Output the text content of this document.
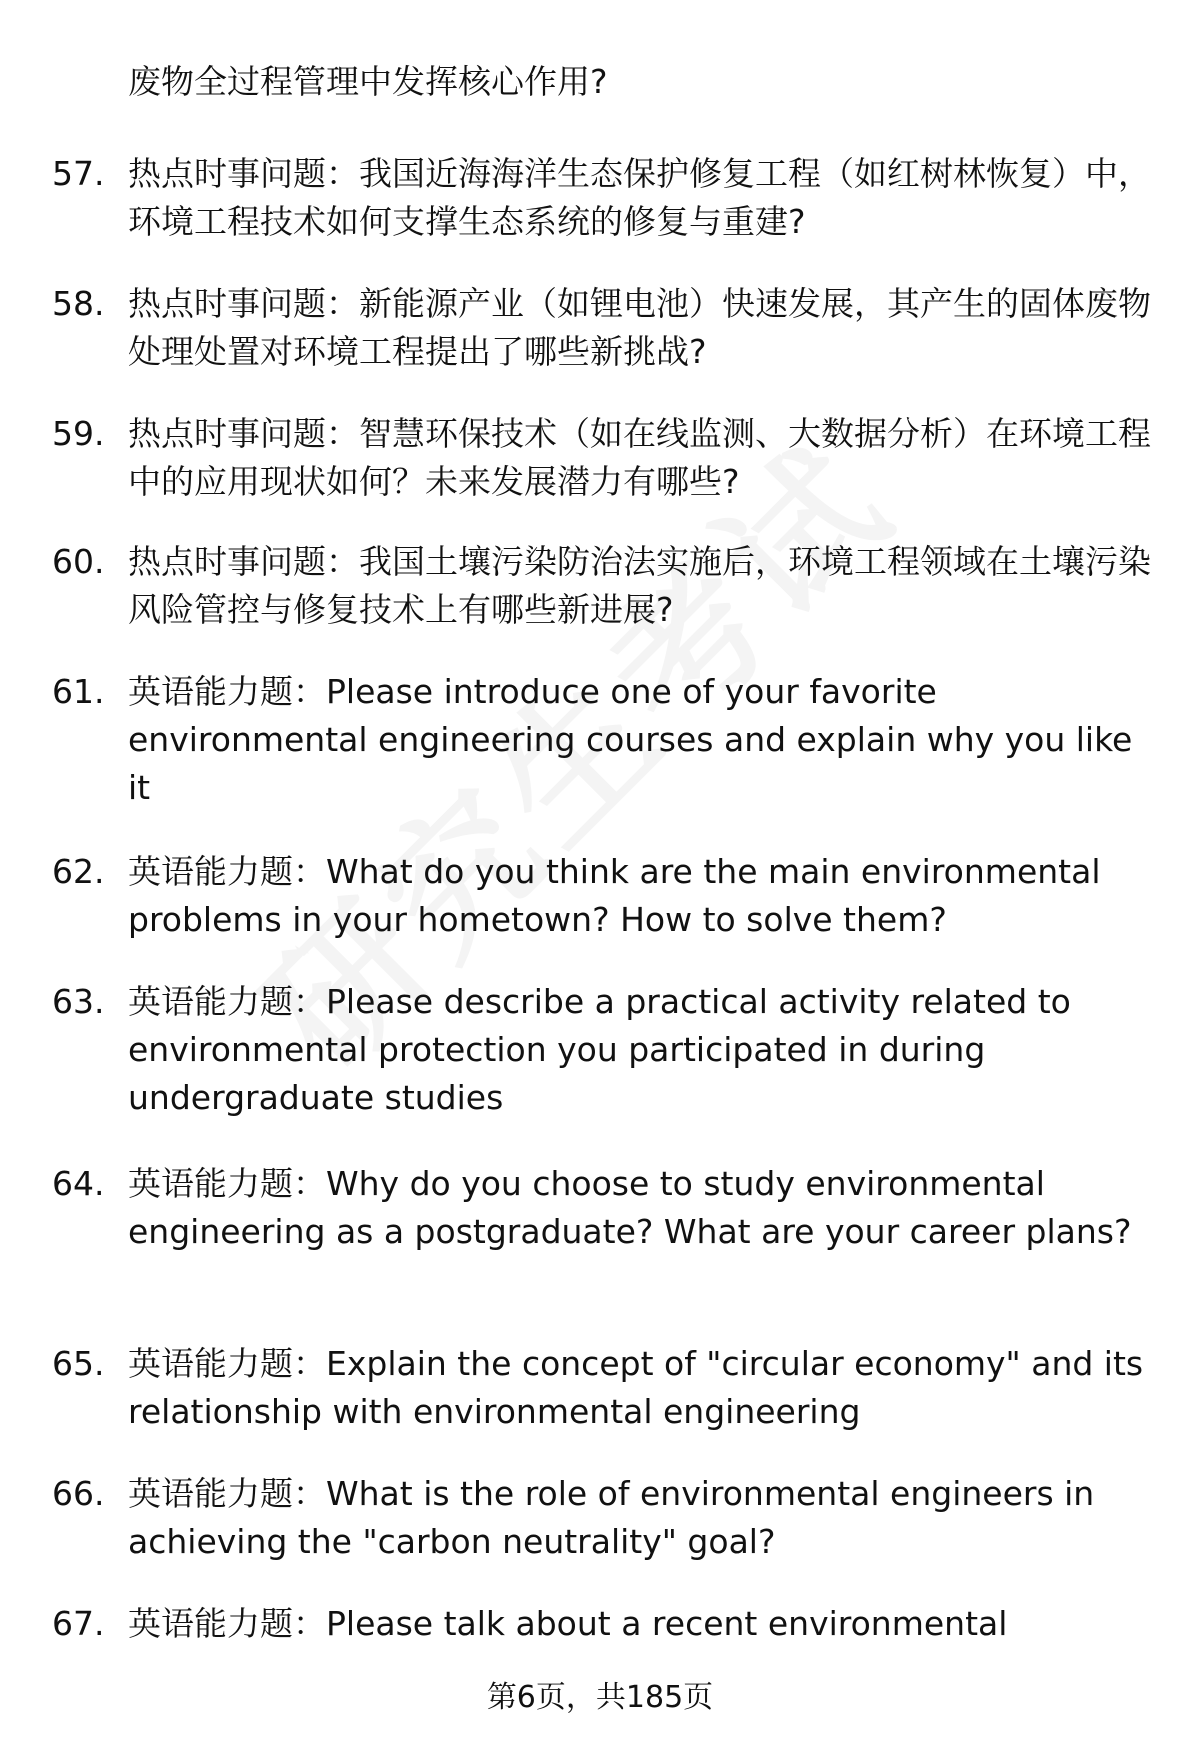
废物全过程管理中发挥核心作用?
57. 热点时事问题：我国近海海洋生态保护修复工程（如红树林恢复）中，环境工程技术如何支撑生态系统的修复与重建?
58. 热点时事问题：新能源产业（如锂电池）快速发展，其产生的固体废物处理处置对环境工程提出了哪些新挑战?
59. 热点时事问题：智慧环保技术（如在线监测、大数据分析）在环境工程中的应用现状如何？未来发展潜力有哪些?
60. 热点时事问题：我国土壤污染防治法实施后，环境工程领域在土壤污染风险管控与修复技术上有哪些新进展?
61. 英语能力题：Please introduce one of your favorite environmental engineering courses and explain why you like it
62. 英语能力题：What do you think are the main environmental problems in your hometown? How to solve them?
63. 英语能力题：Please describe a practical activity related to environmental protection you participated in during undergraduate studies
64. 英语能力题：Why do you choose to study environmental engineering as a postgraduate? What are your career plans?
65. 英语能力题：Explain the concept of "circular economy" and its relationship with environmental engineering
66. 英语能力题：What is the role of environmental engineers in achieving the "carbon neutrality" goal?
67. 英语能力题：Please talk about a recent environmental
第6页，共185页
